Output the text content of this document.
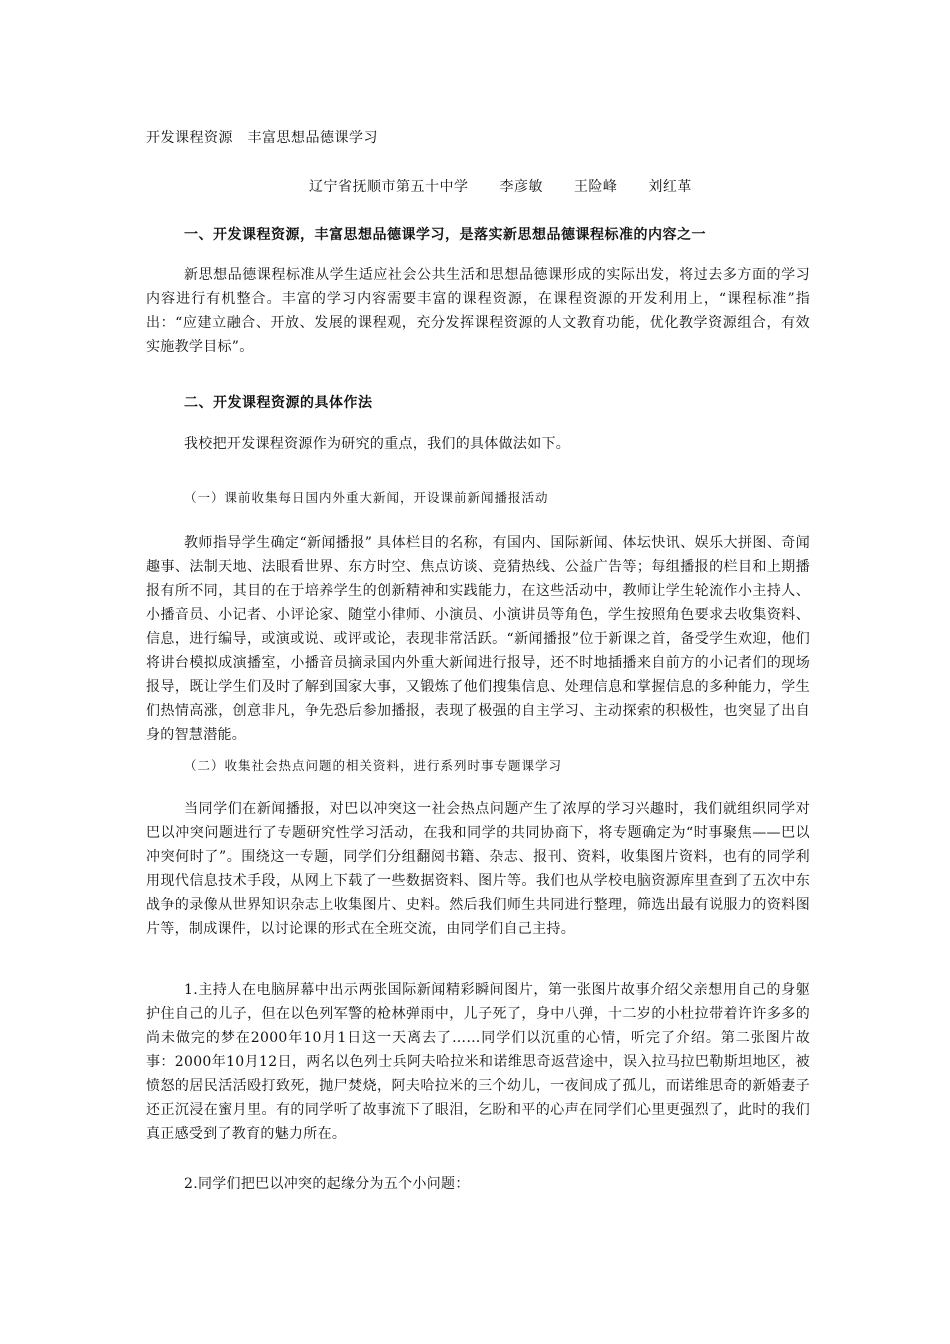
开发课程资源　丰富思想品德课学习
辽宁省抚顺市第五十中学 李彦敏 王险峰 刘红革
一、开发课程资源，丰富思想品德课学习，是落实新思想品德课程标准的内容之一
新思想品德课程标准从学生适应社会公共生活和思想品德课形成的实际出发，将过去多方面的学习内容进行有机整合。丰富的学习内容需要丰富的课程资源，在课程资源的开发利用上，“课程标准”指出：“应建立融合、开放、发展的课程观，充分发挥课程资源的人文教育功能，优化教学资源组合，有效实施教学目标”。
二、开发课程资源的具体作法
我校把开发课程资源作为研究的重点，我们的具体做法如下。
（一）课前收集每日国内外重大新闻，开设课前新闻播报活动
教师指导学生确定“新闻播报” 具体栏目的名称，有国内、国际新闻、体坛快讯、娱乐大拼图、奇闻趣事、法制天地、法眼看世界、东方时空、焦点访谈、竞猜热线、公益广告等；每组播报的栏目和上期播报有所不同，其目的在于培养学生的创新精神和实践能力，在这些活动中，教师让学生轮流作小主持人、小播音员、小记者、小评论家、随堂小律师、小演员、小演讲员等角色，学生按照角色要求去收集资料、信息，进行编导，或演或说、或评或论，表现非常活跃。“新闻播报”位于新课之首，备受学生欢迎，他们将讲台模拟成演播室，小播音员摘录国内外重大新闻进行报导，还不时地插播来自前方的小记者们的现场报导，既让学生们及时了解到国家大事，又锻炼了他们搜集信息、处理信息和掌握信息的多种能力，学生们热情高涨，创意非凡，争先恐后参加播报，表现了极强的自主学习、主动探索的积极性，也突显了出自身的智慧潜能。
（二）收集社会热点问题的相关资料，进行系列时事专题课学习
当同学们在新闻播报，对巴以冲突这一社会热点问题产生了浓厚的学习兴趣时，我们就组织同学对巴以冲突问题进行了专题研究性学习活动，在我和同学的共同协商下，将专题确定为“时事聚焦——巴以冲突何时了”。围绕这一专题，同学们分组翻阅书籍、杂志、报刊、资料，收集图片资料，也有的同学利用现代信息技术手段，从网上下载了一些数据资料、图片等。我们也从学校电脑资源库里查到了五次中东战争的录像从世界知识杂志上收集图片、史料。然后我们师生共同进行整理，筛选出最有说服力的资料图片等，制成课件，以讨论课的形式在全班交流，由同学们自己主持。
1.主持人在电脑屏幕中出示两张国际新闻精彩瞬间图片，第一张图片故事介绍父亲想用自己的身躯护住自己的儿子，但在以色列军警的枪林弹雨中，儿子死了，身中八弹，十二岁的小杜拉带着许许多多的尚未做完的梦在2000年10月1日这一天离去了……同学们以沉重的心情，听完了介绍。第二张图片故事：2000年10月12日，两名以色列士兵阿夫哈拉米和诺维思奇返营途中，误入拉马拉巴勒斯坦地区，被愤怒的居民活活殴打致死，抛尸焚烧，阿夫哈拉米的三个幼儿，一夜间成了孤儿，而诺维思奇的新婚妻子还正沉浸在蜜月里。有的同学听了故事流下了眼泪，乞盼和平的心声在同学们心里更强烈了，此时的我们真正感受到了教育的魅力所在。
2.同学们把巴以冲突的起缘分为五个小问题：
